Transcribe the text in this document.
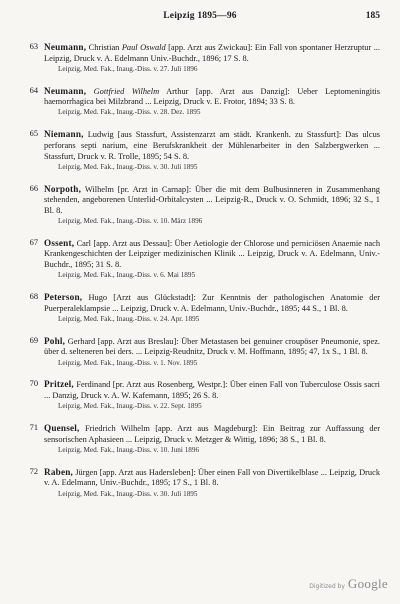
Leipzig 1895—96	185
63 Neumann, Christian Paul Oswald [app. Arzt aus Zwickau]: Ein Fall von spontaner Herzruptur ... Leipzig, Druck v. A. Edelmann Univ.-Buchdr., 1896; 17 S. 8.
Leipzig, Med. Fak., Inaug.-Diss. v. 27. Juli 1896
64 Neumann, Gottfried Wilhelm Arthur [app. Arzt aus Danzig]: Ueber Leptomeningitis haemorrhagica bei Milzbrand ... Leipzig, Druck v. E. Frotor, 1894; 33 S. 8.
Leipzig, Med. Fak., Inaug.-Diss. v. 28. Dez. 1895
65 Niemann, Ludwig [aus Stassfurt, Assistenzarzt am städt. Krankenh. zu Stassfurt]: Das ulcus perforans septi narium, eine Berufskrankheit der Mühlenarbeiter in den Salzbergwerken ... Stassfurt, Druck v. R. Trolle, 1895; 54 S. 8.
Leipzig, Med. Fak., Inaug.-Diss. v. 30. Juli 1895
66 Norpoth, Wilhelm [pr. Arzt in Carnap]: Über die mit dem Bulbusinneren in Zusammenhang stehenden, angeborenen Unterlid-Orbitalcysten ... Leipzig-R., Druck v. O. Schmidt, 1896; 32 S., 1 Bl. 8.
Leipzig, Med. Fak., Inaug.-Diss. v. 10. März 1896
67 Ossent, Carl [app. Arzt aus Dessau]: Über Aetiologie der Chlorose und perniciösen Anaemie nach Krankengeschichten der Leipziger medizinischen Klinik ... Leipzig, Druck v. A. Edelmann, Univ.-Buchdr., 1895; 31 S. 8.
Leipzig, Med. Fak., Inaug.-Diss. v. 6. Mai 1895
68 Peterson, Hugo [Arzt aus Glückstadt]: Zur Kenntnis der pathologischen Anatomie der Puerperaleklampsie ... Leipzig, Druck v. A. Edelmann, Univ.-Buchdr., 1895; 44 S., 1 Bl. 8.
Leipzig, Med. Fak., Inaug.-Diss. v. 24. Apr. 1895
69 Pohl, Gerhard [app. Arzt aus Breslau]: Über Metastasen bei genuiner croupöser Pneumonie, spez. über d. selteneren bei ders. ... Leipzig-Reudnitz, Druck v. M. Hoffmann, 1895; 47, 1x S., 1 Bl. 8.
Leipzig, Med. Fak., Inaug.-Diss. v. 1. Nov. 1895
70 Pritzel, Ferdinand [pr. Arzt aus Rosenberg, Westpr.]: Über einen Fall von Tuberculose Ossis sacri ... Danzig, Druck v. A. W. Kafemann, 1895; 26 S. 8.
Leipzig, Med. Fak., Inaug.-Diss. v. 22. Sept. 1895
71 Quensel, Friedrich Wilhelm [app. Arzt aus Magdeburg]: Ein Beitrag zur Auffassung der sensorischen Aphasieen ... Leipzig, Druck v. Metzger & Wittig, 1896; 38 S., 1 Bl. 8.
Leipzig, Med. Fak., Inaug.-Diss. v. 10. Juni 1896
72 Raben, Jürgen [app. Arzt aus Hadersleben]: Über einen Fall von Divertikelblase ... Leipzig, Druck v. A. Edelmann, Univ.-Buchdr., 1895; 17 S., 1 Bl. 8.
Leipzig, Med. Fak., Inaug.-Diss. v. 30. Juli 1895
Digitized by Google
